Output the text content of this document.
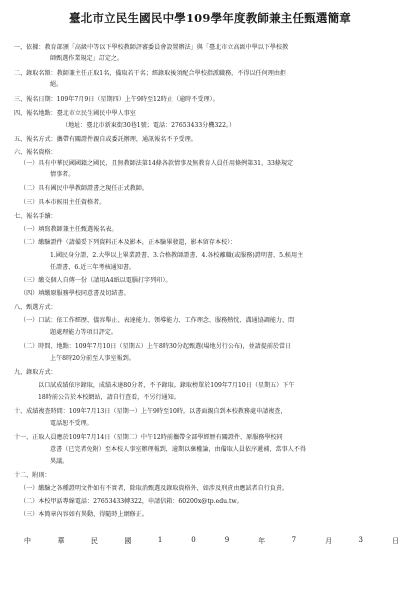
臺北市立民生國民中學109學年度教師兼主任甄選簡章
一、依據：教育部頒「高級中等以下學校教師評審委員會設置辦法」與「臺北市立高級中學以下學校教
師甄選作業規定」訂定之。
二、錄取名額：教師兼主任正取1名，備取若干名；經錄取後須配合學校指派職務，不得以任何理由拒
絕。
三、報名日期：109年7月9日（星期四）上午9時至12時止（逾時不受理）。
四、報名地點：臺北市立民生國民中學人事室
（地址：臺北市新東街30巷1號；電話：27653433分機322。）
五、報名方式：攜帶有關證件親自或委託辦理，通訊報名不予受理。
六、報名資格：
（一）具有中華民國國籍之國民，且無教師法第14條各款情事及無教育人員任用條例第31、33條規定
情事者。
（二）具有國民中學教師證書之現任正式教師。
（三）具本市候用主任資格者。
七、報名手續：
（一）填寫教師兼主任甄選報名表。
（二）繳驗證件（請備妥下列資料正本及影本，正本驗畢發還，影本留存本校）：
1.國民身分證、2.大學以上畢業證書、3.合格教師證書、4.各校離職(或服務)證明書、5.候用主
任證書、6.近三年考核通知書。
（三）繳交個人自傳一份（請用A4紙以電腦打字列印）。
（四）填繳原服務學校同意書及切結書。
八、甄選方式：
（一）口試：依工作經歷、儀容舉止、表達能力、領導能力、工作理念、服務熱忱、溝通協調能力、問
題處理能力等項目評定。
（二）時間、地點：109年7月10日（星期五）上午8時30分起甄選(場地另行公布)，並請提前於當日
上午8時20分前至人事室報到。
九、錄取方式：
以口試成績依序錄取，成績未達80分者，不予錄取。錄取榜單於109年7月10日（星期五）下午
18時前公告於本校網站，請自行查看，不另行通知。
十、成績複查時間：109年7月13日（星期一）上午9時至10時，以書面親自到本校教務處申請複查，
電話恕不受理。
十一、正取人員應於109年7月14日（星期二）中午12時前攜帶全部學經歷有關證件、原服務學校同
意書（已完者免附）至本校人事室辦理報到，逾期以棄權論，由備取人員依序遞補，當事人不得
異議。
十二、附則：
（一）繳驗之各種證明文件如有不實者，除取消甄選及錄取資格外，如涉及刑責由應試者自行負責。
（二）本校甲話專線電話：27653433轉322，申請信箱：60200x@tp.edu.tw。
（三）本簡章內容如有異動，得隨時上網修正。
中	華	民	國	1	0	9	年	7	月	3	日
